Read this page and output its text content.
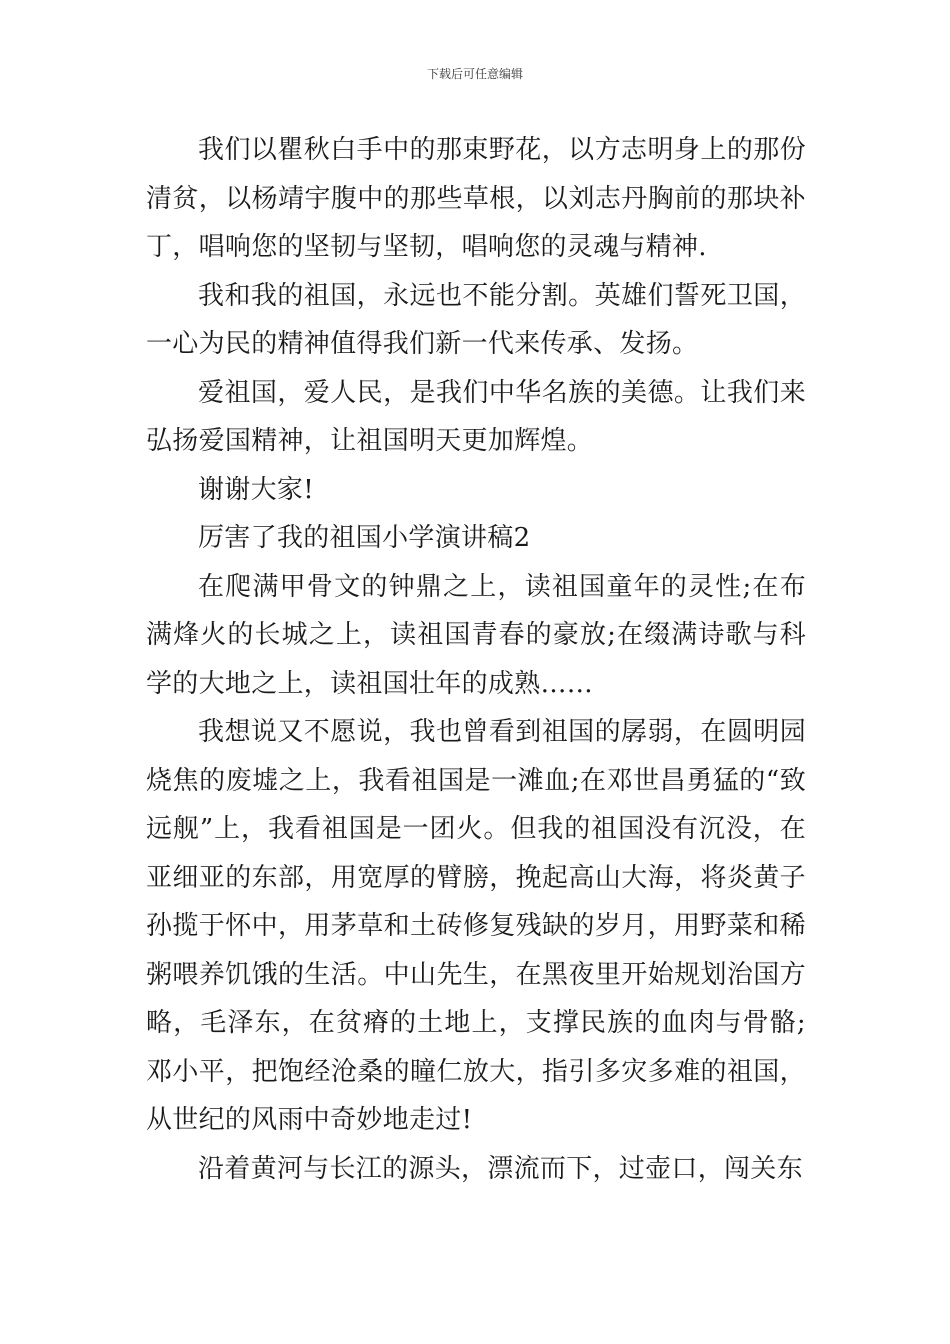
下载后可任意编辑

我们以瞿秋白手中的那束野花，以方志明身上的那份清贫，以杨靖宇腹中的那些草根，以刘志丹胸前的那块补丁，唱响您的坚韧与坚韧，唱响您的灵魂与精神.

我和我的祖国，永远也不能分割。英雄们誓死卫国，一心为民的精神值得我们新一代来传承、发扬。

爱祖国，爱人民，是我们中华名族的美德。让我们来弘扬爱国精神，让祖国明天更加辉煌。

谢谢大家!

厉害了我的祖国小学演讲稿2

在爬满甲骨文的钟鼎之上，读祖国童年的灵性;在布满烽火的长城之上，读祖国青春的豪放;在缀满诗歌与科学的大地之上，读祖国壮年的成熟……

我想说又不愿说，我也曾看到祖国的孱弱，在圆明园烧焦的废墟之上，我看祖国是一滩血;在邓世昌勇猛的“致远舰”上，我看祖国是一团火。但我的祖国没有沉没，在亚细亚的东部，用宽厚的臂膀，挽起高山大海，将炎黄子孙揽于怀中，用茅草和土砖修复残缺的岁月，用野菜和稀粥喂养饥饿的生活。中山先生，在黑夜里开始规划治国方略，毛泽东，在贫瘠的土地上，支撑民族的血肉与骨骼;邓小平，把饱经沧桑的瞳仁放大，指引多灾多难的祖国，从世纪的风雨中奇妙地走过!

沿着黄河与长江的源头，漂流而下，过壶口，闯关东
